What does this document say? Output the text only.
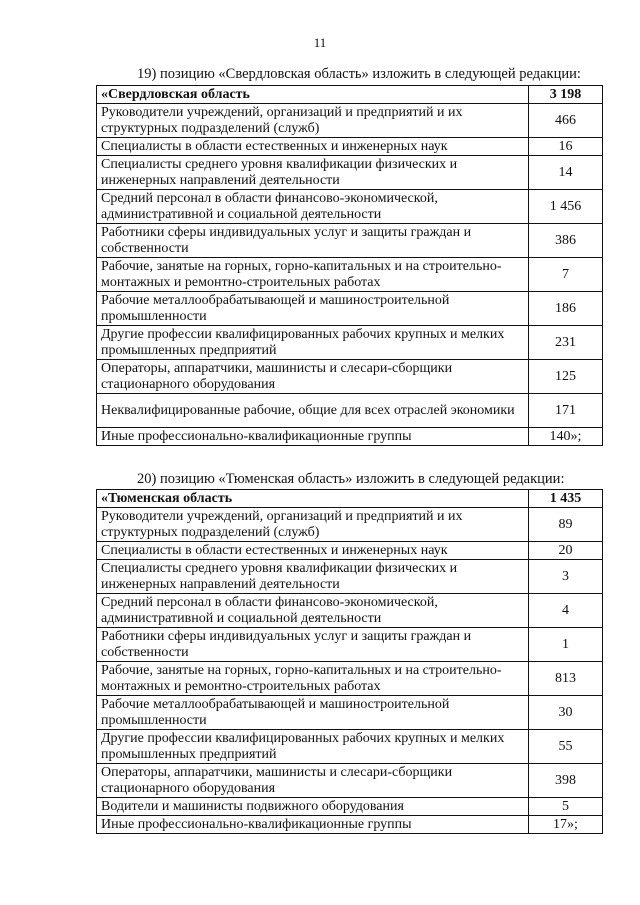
11
19) позицию «Свердловская область» изложить в следующей редакции:
«Свердловская область	3 198
Руководители учреждений, организаций и предприятий и их структурных подразделений (служб)	466
Специалисты в области естественных и инженерных наук	16
Специалисты среднего уровня квалификации физических и инженерных направлений деятельности	14
Средний персонал в области финансово-экономической, административной и социальной деятельности	1 456
Работники сферы индивидуальных услуг и защиты граждан и собственности	386
Рабочие, занятые на горных, горно-капитальных и на строительно-монтажных и ремонтно-строительных работах	7
Рабочие металлообрабатывающей и машиностроительной промышленности	186
Другие профессии квалифицированных рабочих крупных и мелких промышленных предприятий	231
Операторы, аппаратчики, машинисты и слесари-сборщики стационарного оборудования	125
Неквалифицированные рабочие, общие для всех отраслей экономики	171
Иные профессионально-квалификационные группы	140»;
20) позицию «Тюменская область» изложить в следующей редакции:
«Тюменская область	1 435
Руководители учреждений, организаций и предприятий и их структурных подразделений (служб)	89
Специалисты в области естественных и инженерных наук	20
Специалисты среднего уровня квалификации физических и инженерных направлений деятельности	3
Средний персонал в области финансово-экономической, административной и социальной деятельности	4
Работники сферы индивидуальных услуг и защиты граждан и собственности	1
Рабочие, занятые на горных, горно-капитальных и на строительно-монтажных и ремонтно-строительных работах	813
Рабочие металлообрабатывающей и машиностроительной промышленности	30
Другие профессии квалифицированных рабочих крупных и мелких промышленных предприятий	55
Операторы, аппаратчики, машинисты и слесари-сборщики стационарного оборудования	398
Водители и машинисты подвижного оборудования	5
Иные профессионально-квалификационные группы	17»;
